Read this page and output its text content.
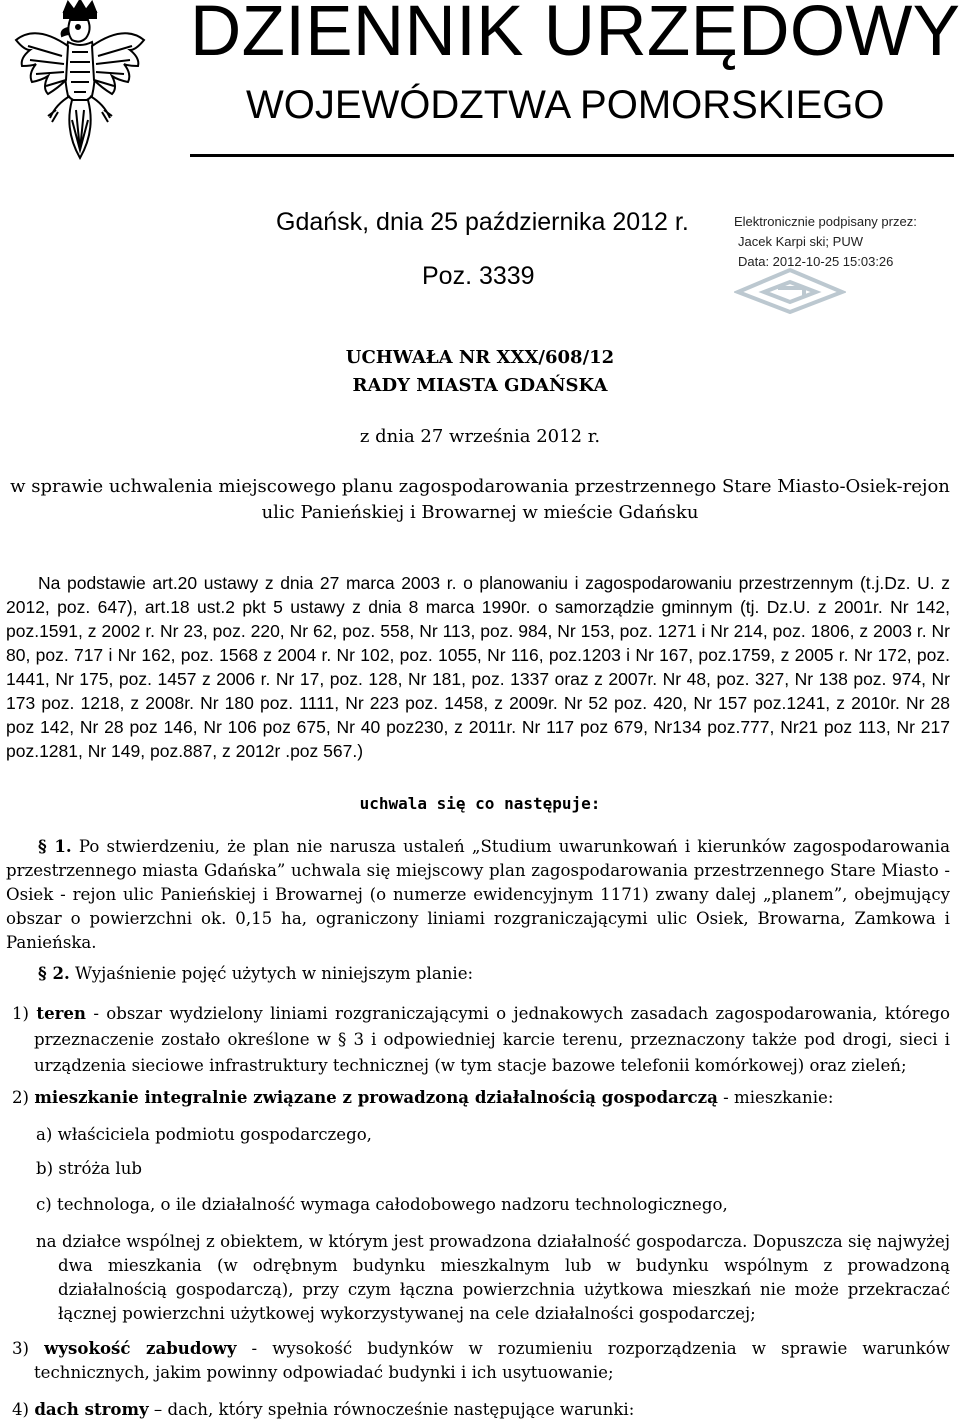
DZIENNIK URZĘDOWY
WOJEWÓDZTWA POMORSKIEGO
Gdańsk, dnia 25 października 2012 r.
Poz. 3339
Elektronicznie podpisany przez:
Jacek Karpi ski; PUW
Data: 2012-10-25 15:03:26
UCHWAŁA NR XXX/608/12
RADY MIASTA GDAŃSKA
z dnia 27 września 2012 r.
w sprawie uchwalenia miejscowego planu zagospodarowania przestrzennego Stare Miasto-Osiek-rejon
ulic Panieńskiej i Browarnej w mieście Gdańsku
Na podstawie art.20 ustawy z dnia 27 marca 2003 r. o planowaniu i zagospodarowaniu przestrzennym (t.j.Dz. U. z 2012, poz. 647), art.18 ust.2 pkt 5 ustawy z dnia 8 marca 1990r. o samorządzie gminnym (tj. Dz.U. z 2001r. Nr 142, poz.1591, z 2002 r. Nr 23, poz. 220, Nr 62, poz. 558, Nr 113, poz. 984, Nr 153, poz. 1271 i Nr 214, poz. 1806, z 2003 r. Nr 80, poz. 717 i Nr 162, poz. 1568 z 2004 r. Nr 102, poz. 1055, Nr 116, poz.1203 i Nr 167, poz.1759, z 2005 r. Nr 172, poz. 1441, Nr 175, poz. 1457 z 2006 r. Nr 17, poz. 128, Nr 181, poz. 1337 oraz z 2007r. Nr 48, poz. 327, Nr 138 poz. 974, Nr 173 poz. 1218, z 2008r. Nr 180 poz. 1111, Nr 223 poz. 1458, z 2009r. Nr 52 poz. 420, Nr 157 poz.1241, z 2010r. Nr 28 poz 142, Nr 28 poz 146, Nr 106 poz 675, Nr 40 poz230, z 2011r. Nr 117 poz 679, Nr134 poz.777, Nr21 poz 113, Nr 217 poz.1281, Nr 149, poz.887, z 2012r .poz 567.)
uchwala się co następuje:
§ 1. Po stwierdzeniu, że plan nie narusza ustaleń „Studium uwarunkowań i kierunków zagospodarowania przestrzennego miasta Gdańska” uchwala się miejscowy plan zagospodarowania przestrzennego Stare Miasto - Osiek - rejon ulic Panieńskiej i Browarnej (o numerze ewidencyjnym 1171) zwany dalej „planem”, obejmujący obszar o powierzchni ok. 0,15 ha, ograniczony liniami rozgraniczającymi ulic Osiek, Browarna, Zamkowa i Panieńska.
§ 2. Wyjaśnienie pojęć użytych w niniejszym planie:
1) teren - obszar wydzielony liniami rozgraniczającymi o jednakowych zasadach zagospodarowania, którego przeznaczenie zostało określone w § 3 i odpowiedniej karcie terenu, przeznaczony także pod drogi, sieci i urządzenia sieciowe infrastruktury technicznej (w tym stacje bazowe telefonii komórkowej) oraz zieleń;
2) mieszkanie integralnie związane z prowadzoną działalnością gospodarczą - mieszkanie:
a) właściciela podmiotu gospodarczego,
b) stróża lub
c) technologa, o ile działalność wymaga całodobowego nadzoru technologicznego,
na działce wspólnej z obiektem, w którym jest prowadzona działalność gospodarcza. Dopuszcza się najwyżej dwa mieszkania (w odrębnym budynku mieszkalnym lub w budynku wspólnym z prowadzoną działalnością gospodarczą), przy czym łączna powierzchnia użytkowa mieszkań nie może przekraczać łącznej powierzchni użytkowej wykorzystywanej na cele działalności gospodarczej;
3) wysokość zabudowy - wysokość budynków w rozumieniu rozporządzenia w sprawie warunków technicznych, jakim powinny odpowiadać budynki i ich usytuowanie;
4) dach stromy – dach, który spełnia równocześnie następujące warunki:
